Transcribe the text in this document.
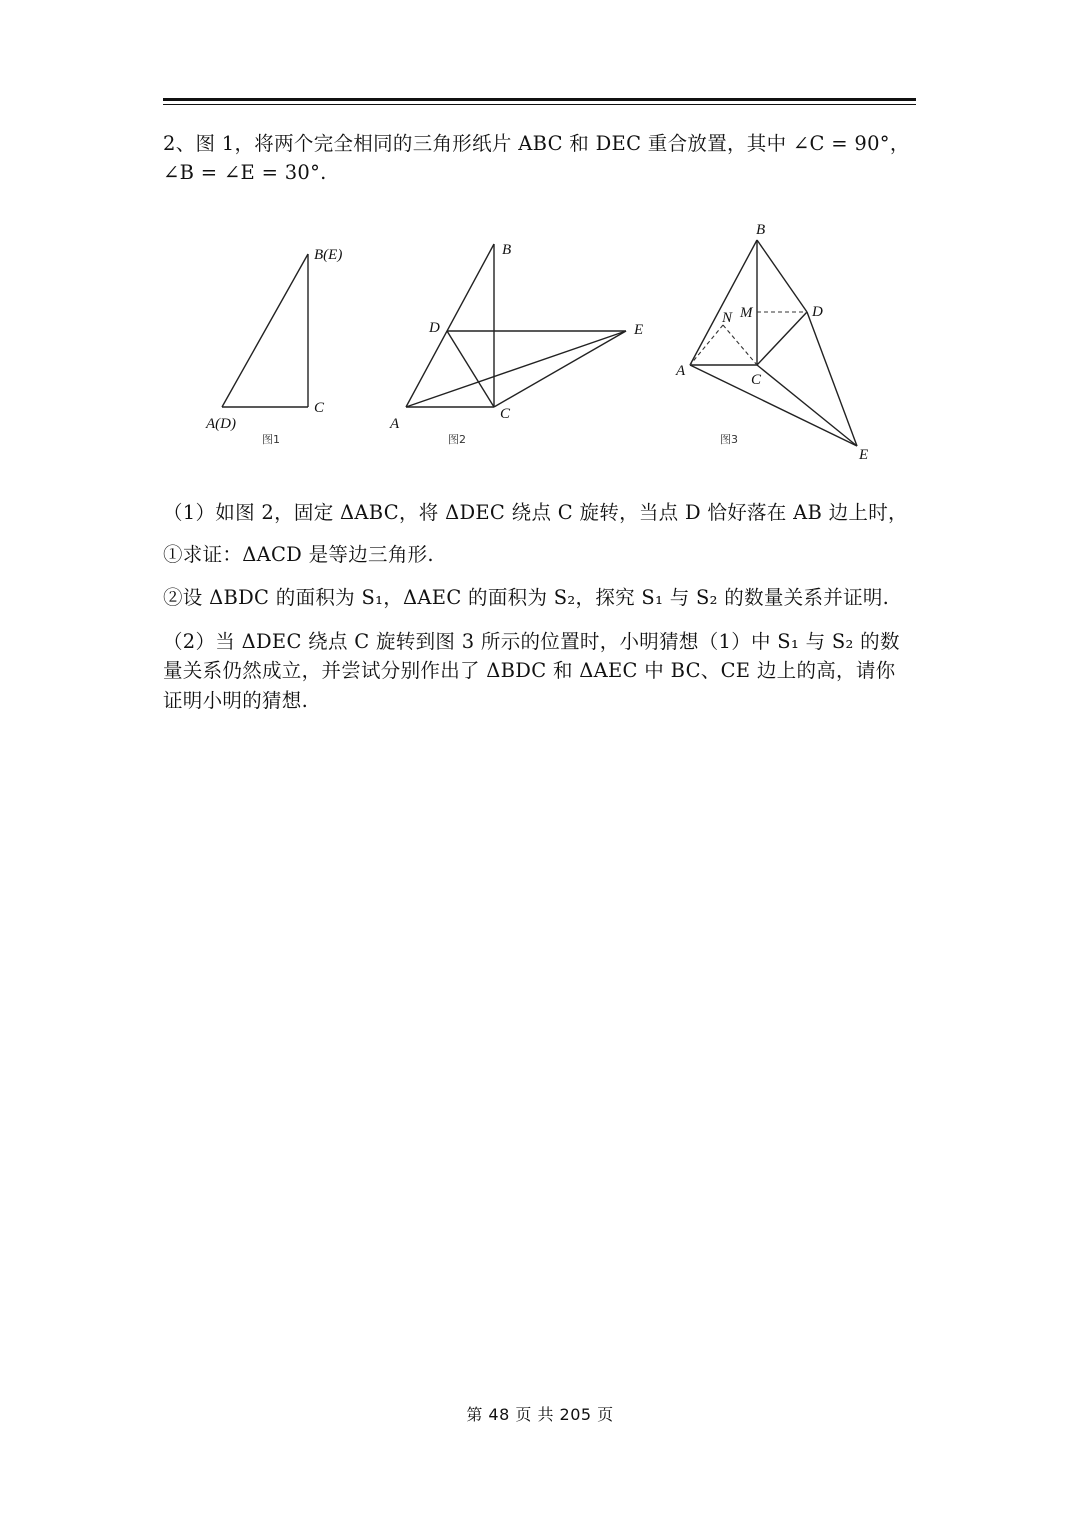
2、图 1，将两个完全相同的三角形纸片 ABC 和 DEC 重合放置，其中 ∠C = 90°，
∠B = ∠E = 30°.
B(E)
A(D)
C
图1
B
D	E
A
C
图2
B
N M	D
A
C
E
图3
（1）如图 2，固定 ΔABC，将 ΔDEC 绕点 C 旋转，当点 D 恰好落在 AB 边上时，
①求证：ΔACD 是等边三角形.
②设 ΔBDC 的面积为 S₁，ΔAEC 的面积为 S₂，探究 S₁ 与 S₂ 的数量关系并证明.
（2）当 ΔDEC 绕点 C 旋转到图 3 所示的位置时，小明猜想（1）中 S₁ 与 S₂ 的数
量关系仍然成立，并尝试分别作出了 ΔBDC 和 ΔAEC 中 BC、CE 边上的高，请你
证明小明的猜想.
第 48 页 共 205 页
